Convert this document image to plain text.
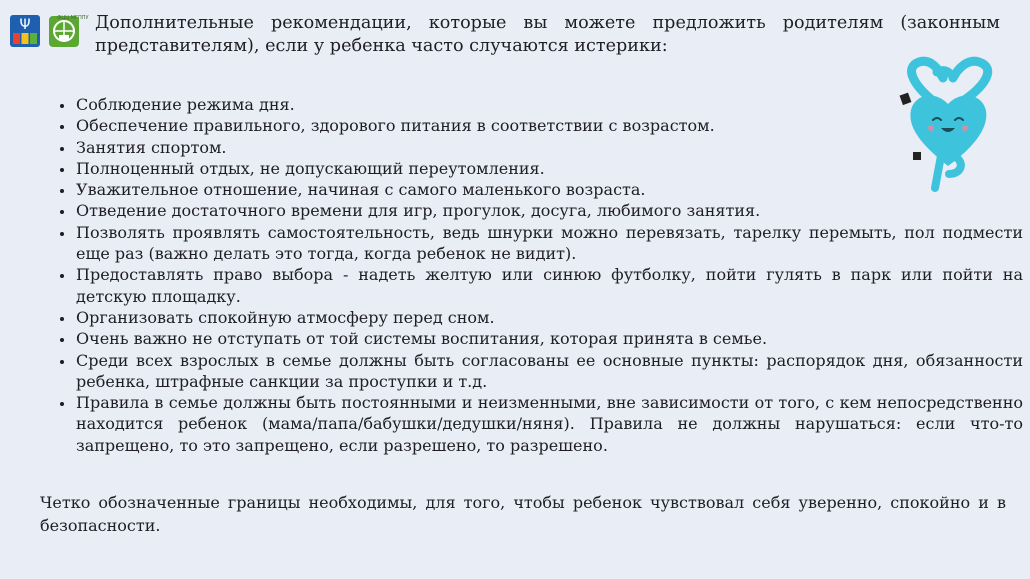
Ψ	ФЦЦ МГППУ Дополнительные рекомендации, которые вы можете предложить родителям (законным представителям), если у ребенка часто случаются истерики:
• Соблюдение режима дня.
• Обеспечение правильного, здорового питания в соответствии с возрастом.
• Занятия спортом.
• Полноценный отдых, не допускающий переутомления.
• Уважительное отношение, начиная с самого маленького возраста.
• Отведение достаточного времени для игр, прогулок, досуга, любимого занятия.
• Позволять проявлять самостоятельность, ведь шнурки можно перевязать, тарелку перемыть, пол подмести еще раз (важно делать это тогда, когда ребенок не видит).
• Предоставлять право выбора - надеть желтую или синюю футболку, пойти гулять в парк или пойти на детскую площадку.
• Организовать спокойную атмосферу перед сном.
• Очень важно не отступать от той системы воспитания, которая принята в семье.
• Среди всех взрослых в семье должны быть согласованы ее основные пункты: распорядок дня, обязанности ребенка, штрафные санкции за проступки и т.д.
• Правила в семье должны быть постоянными и неизменными, вне зависимости от того, с кем непосредственно находится ребенок (мама/папа/бабушки/дедушки/няня). Правила не должны нарушаться: если что-то запрещено, то это запрещено, если разрешено, то разрешено.
Четко обозначенные границы необходимы, для того, чтобы ребенок чувствовал себя уверенно, спокойно и в безопасности.
